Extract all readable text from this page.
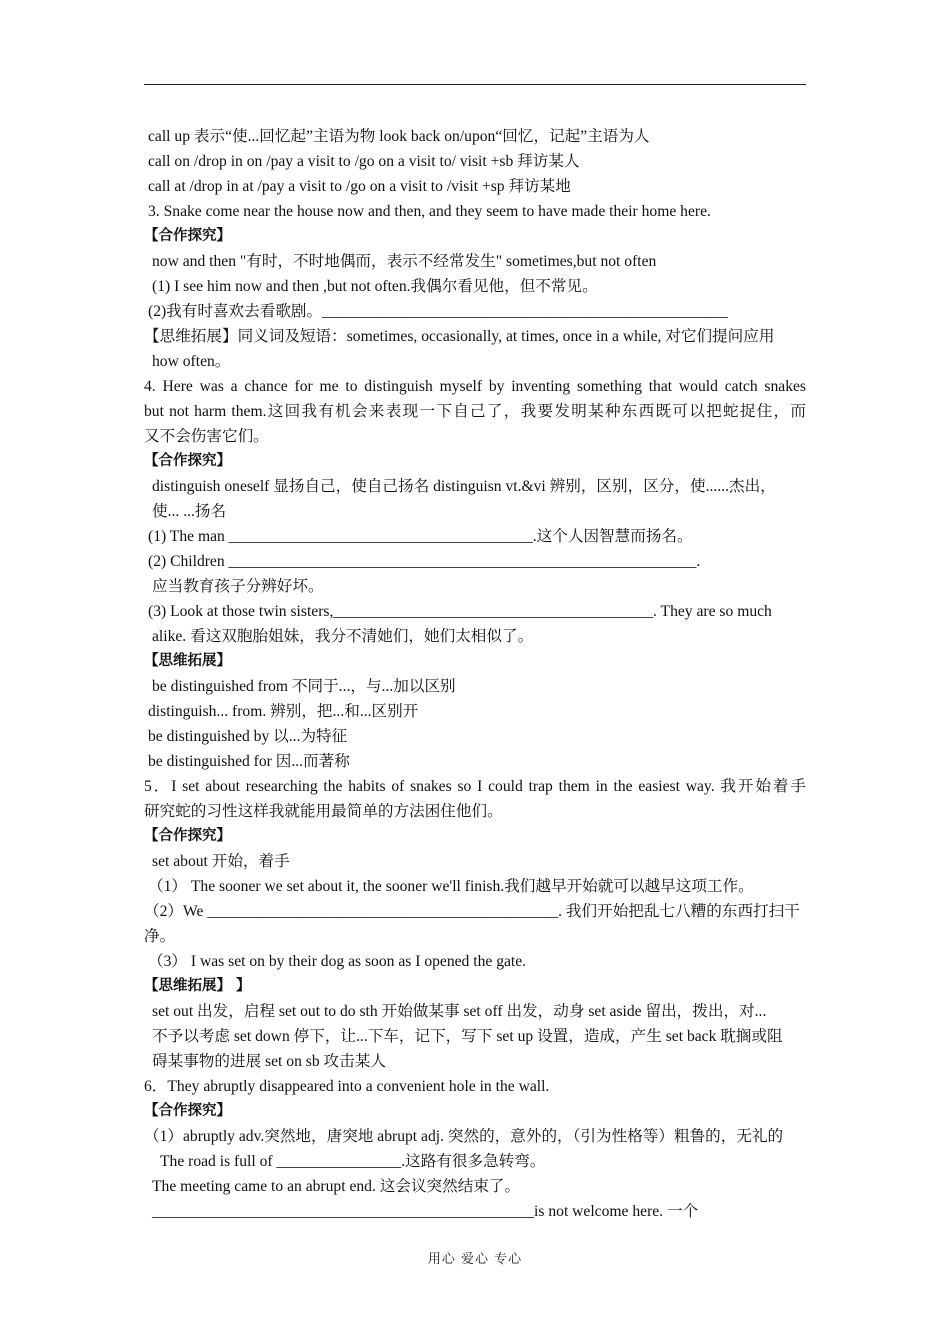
call up 表示“使...回忆起”主语为物 look back on/upon“回忆，记起”主语为人
call on /drop in on /pay a visit to /go on a visit to/ visit +sb 拜访某人
call at /drop in at /pay a visit to /go on a visit to /visit +sp 拜访某地
3. Snake come near the house now and then, and they seem to have made their home here.
【合作探究】
now and then "有时，不时地偶而，表示不经常发生" sometimes,but not often
(1) I see him now and then ,but not often.我偶尔看见他，但不常见。
(2)我有时喜欢去看歌剧。____________________________________________________
【思维拓展】同义词及短语：sometimes, occasionally, at times, once in a while, 对它们提问应用
how often。
4. Here was a chance for me to distinguish myself by inventing something that would catch snakes
but not harm them.这回我有机会来表现一下自己了，我要发明某种东西既可以把蛇捉住，而
又不会伤害它们。
【合作探究】
distinguish oneself 显扬自己，使自己扬名 distinguisn vt.&vi 辨别，区别，区分，使......杰出，
使... ...扬名
(1) The man _______________________________________.这个人因智慧而扬名。
(2) Children ____________________________________________________________.
应当教育孩子分辨好坏。
(3) Look at those twin sisters,_________________________________________. They are so much
alike. 看这双胞胎姐妹，我分不清她们，她们太相似了。
【思维拓展】
be distinguished from 不同于...，与...加以区别
distinguish... from. 辨别，把...和...区别开
be distinguished by 以...为特征
be distinguished for 因...而著称
5．I set about researching the habits of snakes so I could trap them in the easiest way. 我开始着手
研究蛇的习性这样我就能用最简单的方法困住他们。
【合作探究】
set about 开始，着手
（1） The sooner we set about it, the sooner we'll finish.我们越早开始就可以越早这项工作。
（2）We _____________________________________________. 我们开始把乱七八糟的东西打扫干
净。
（3） I was set on by their dog as soon as I opened the gate.
【思维拓展】 】
set out 出发，启程 set out to do sth 开始做某事 set off 出发，动身 set aside 留出，拨出，对...
不予以考虑 set down 停下，让...下车，记下，写下 set up 设置，造成，产生 set back 耽搁或阻
碍某事物的进展 set on sb 攻击某人
6．They abruptly disappeared into a convenient hole in the wall.
【合作探究】
（1）abruptly adv.突然地，唐突地 abrupt adj. 突然的，意外的，（引为性格等）粗鲁的，无礼的
The road is full of ________________.这路有很多急转弯。
The meeting came to an abrupt end. 这会议突然结束了。
_________________________________________________is not welcome here. 一个
用心 爱心 专心
